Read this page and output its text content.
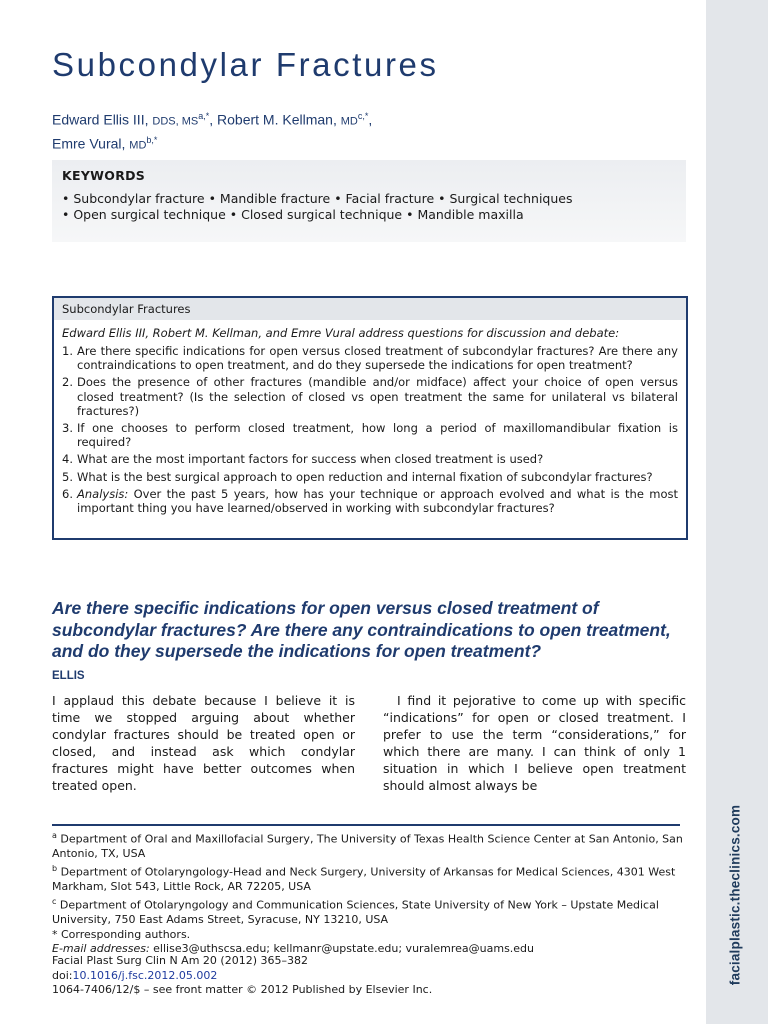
facialplastic.theclinics.com
Subcondylar Fractures
Edward Ellis III, DDS, $MS^{a,*}$, Robert M. Kellman, $MD^{c,*}$,
Emre Vural, $MD^{b,*}$
KEYWORDS
• Subcondylar fracture • Mandible fracture • Facial fracture • Surgical techniques
• Open surgical technique • Closed surgical technique • Mandible maxilla
Subcondylar Fractures
Edward Ellis III, Robert M. Kellman, and Emre Vural address questions for discussion and debate:
1. Are there specific indications for open versus closed treatment of subcondylar fractures? Are there any contraindications to open treatment, and do they supersede the indications for open treatment?
2. Does the presence of other fractures (mandible and/or midface) affect your choice of open versus closed treatment? (Is the selection of closed vs open treatment the same for unilateral vs bilateral fractures?)
3. If one chooses to perform closed treatment, how long a period of maxillomandibular fixation is required?
4. What are the most important factors for success when closed treatment is used?
5. What is the best surgical approach to open reduction and internal fixation of subcondylar fractures?
6. Analysis: Over the past 5 years, how has your technique or approach evolved and what is the most important thing you have learned/observed in working with subcondylar fractures?
Are there specific indications for open versus closed treatment of subcondylar fractures? Are there any contraindications to open treatment, and do they supersede the indications for open treatment?
ELLIS

I applaud this debate because I believe it is time we stopped arguing about whether condylar fractures should be treated open or closed, and instead ask which condylar fractures might have better outcomes when treated open.

I find it pejorative to come up with specific “indications” for open or closed treatment. I prefer to use the term “considerations,” for which there are many. I can think of only 1 situation in which I believe open treatment should almost always be

$^a$ Department of Oral and Maxillofacial Surgery, The University of Texas Health Science Center at San Antonio, San Antonio, TX, USA

$^b$ Department of Otolaryngology-Head and Neck Surgery, University of Arkansas for Medical Sciences, 4301 West Markham, Slot 543, Little Rock, AR 72205, USA

$^c$ Department of Otolaryngology and Communication Sciences, State University of New York – Upstate Medical University, 750 East Adams Street, Syracuse, NY 13210, USA

* Corresponding authors.

E-mail addresses: ellise3@uthscsa.edu; kellmanr@upstate.edu; vuralemrea@uams.edu

Facial Plast Surg Clin N Am 20 (2012) 365–382

doi:10.1016/j.fsc.2012.05.002

1064-7406/12/$ – see front matter © 2012 Published by Elsevier Inc.
